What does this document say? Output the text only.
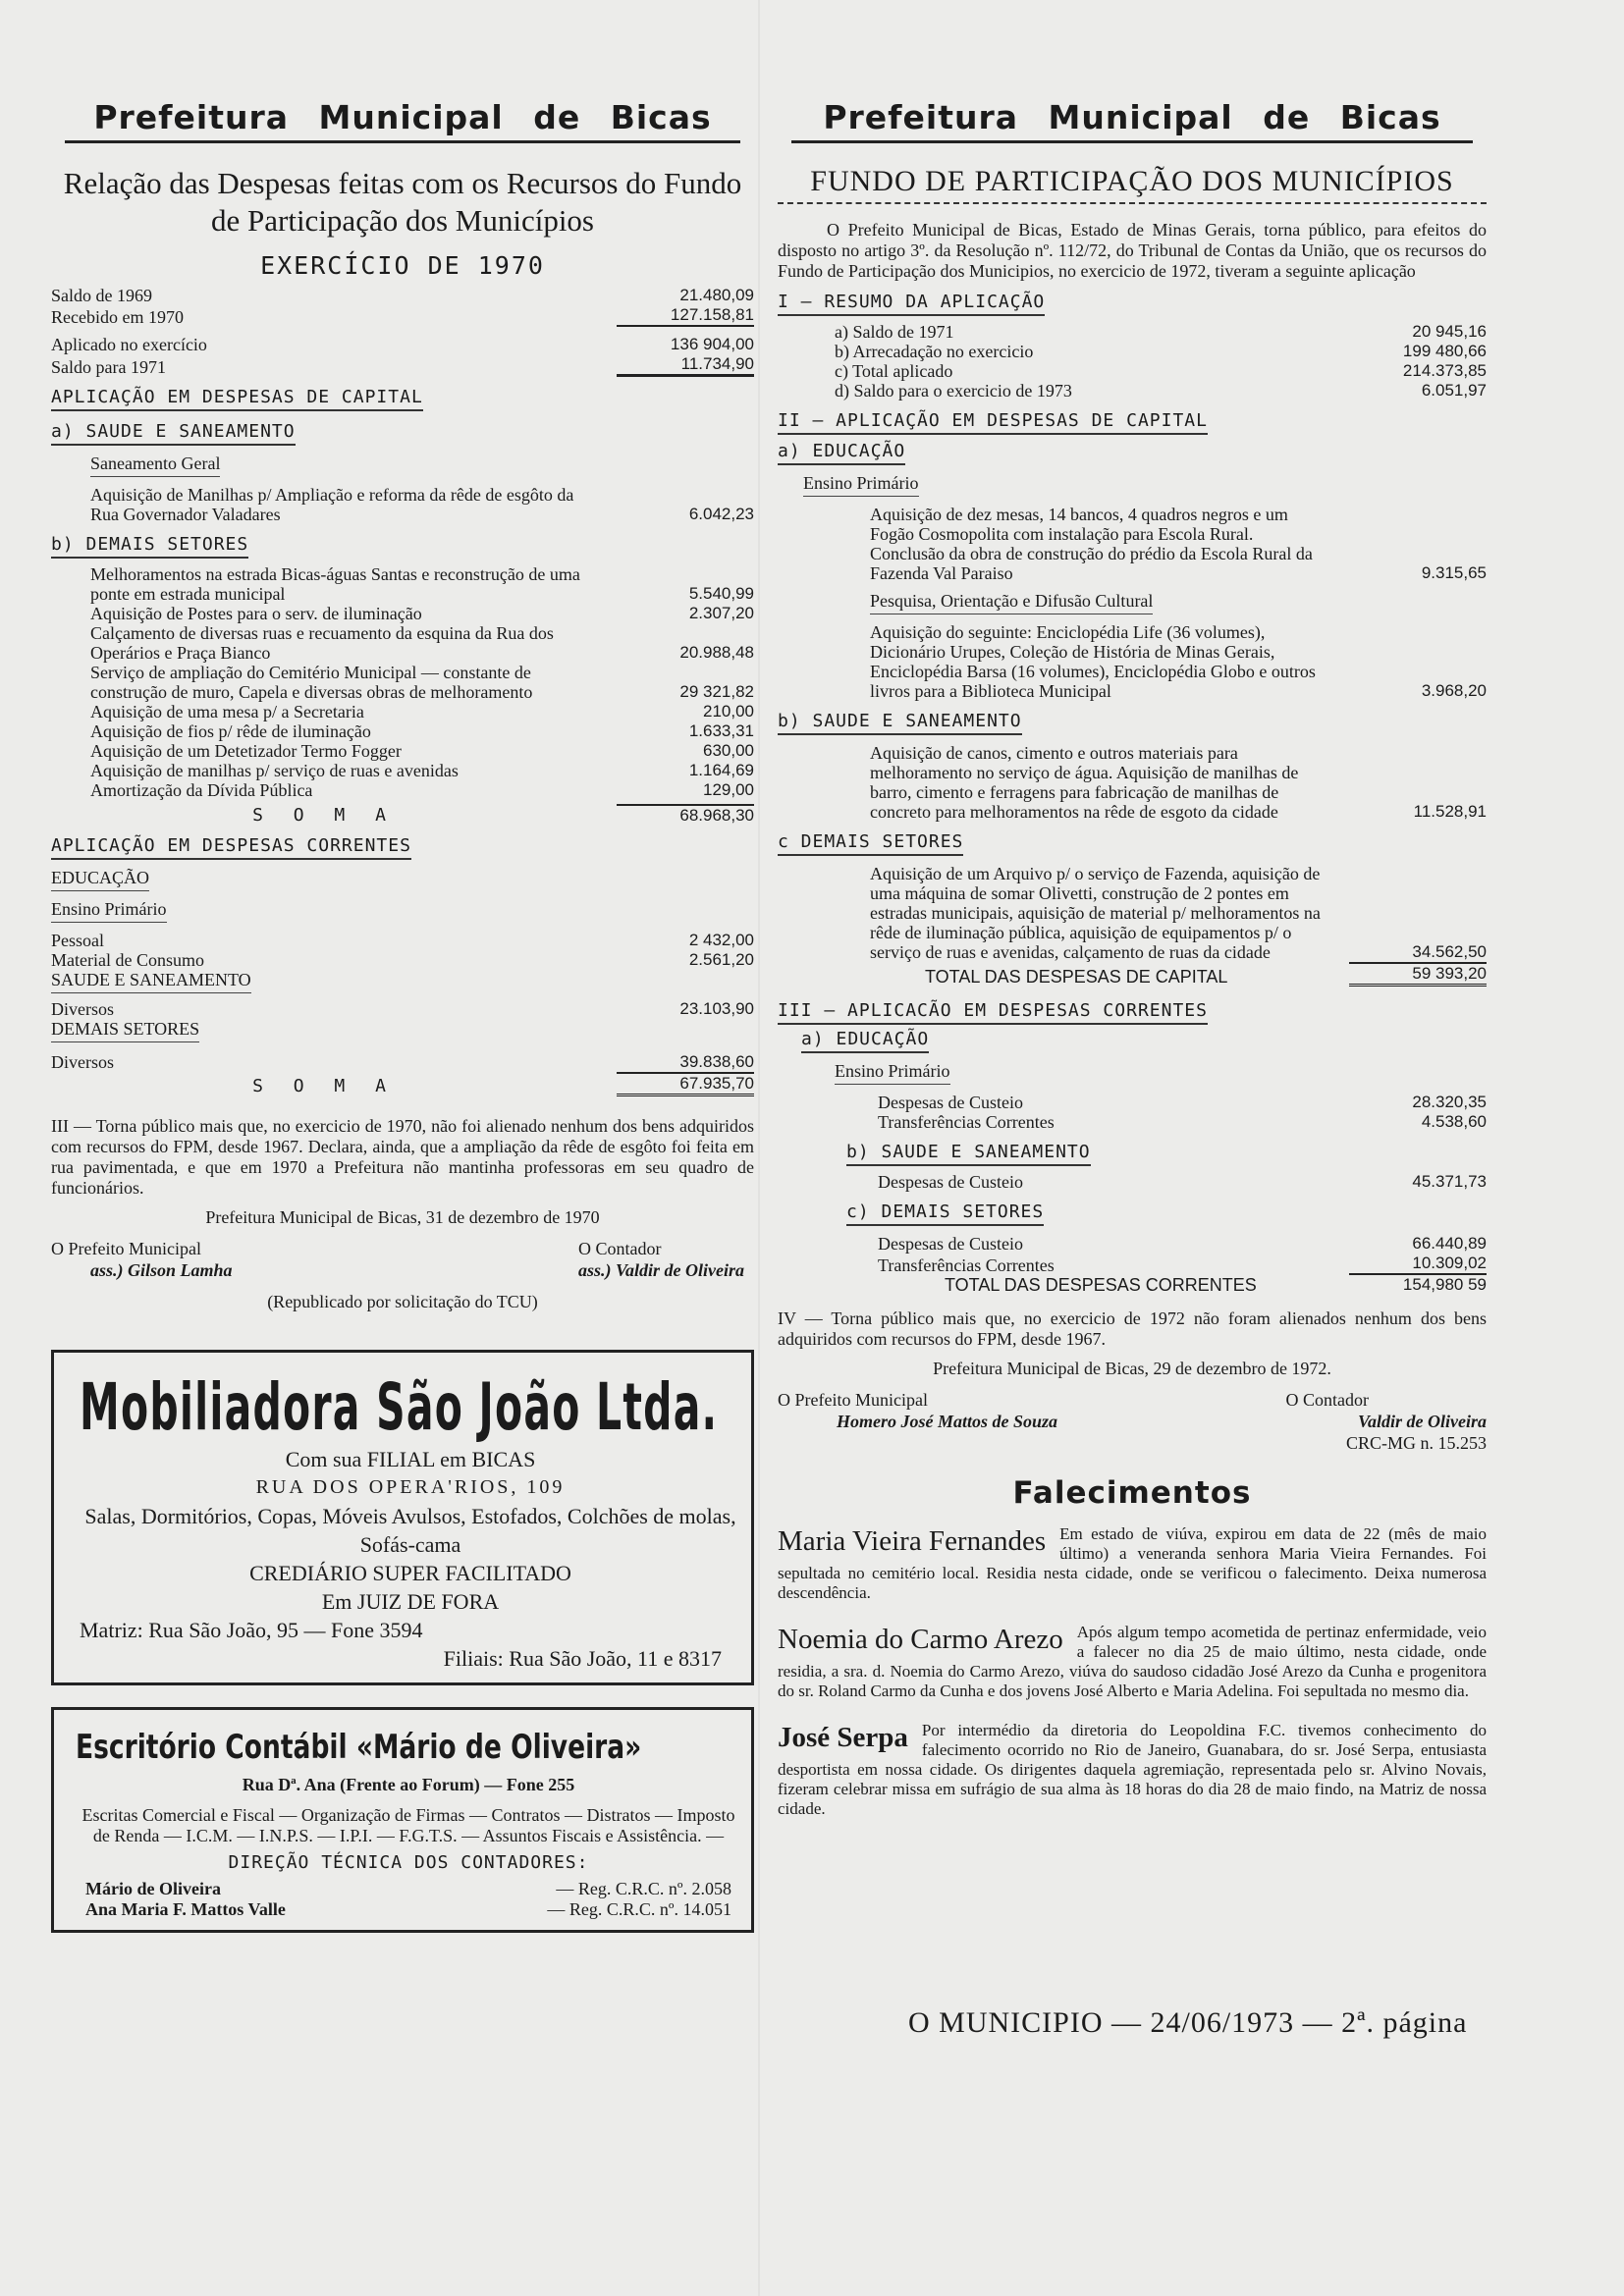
Prefeitura Municipal de Bicas
Relação das Despesas feitas com os Recursos do Fundo de Participação dos Municípios
EXERCÍCIO DE 1970
Saldo de 1969	21.480,09
Recebido em 1970	127.158,81
Aplicado no exercício	136 904,00
Saldo para 1971	11.734,90
APLICAÇÃO EM DESPESAS DE CAPITAL
a) SAUDE E SANEAMENTO
Saneamento Geral
Aquisição de Manilhas p/ Ampliação e reforma da rêde de esgôto da Rua Governador Valadares	6.042,23
b) DEMAIS SETORES
Melhoramentos na estrada Bicas-águas Santas e reconstrução de uma ponte em estrada municipal	5.540,99
Aquisição de Postes para o serv. de iluminação	2.307,20
Calçamento de diversas ruas e recuamento da esquina da Rua dos Operários e Praça Bianco	20.988,48
Serviço de ampliação do Cemitério Municipal — constante de construção de muro, Capela e diversas obras de melhoramento	29 321,82
Aquisição de uma mesa p/ a Secretaria	210,00
Aquisição de fios p/ rêde de iluminação	1.633,31
Aquisição de um Detetizador Termo Fogger	630,00
Aquisição de manilhas p/ serviço de ruas e avenidas	1.164,69
Amortização da Dívida Pública	129,00
S O M A	68.968,30
APLICAÇÃO EM DESPESAS CORRENTES
EDUCAÇÃO
Ensino Primário
Pessoal	2 432,00
Material de Consumo	2.561,20
SAUDE E SANEAMENTO
Diversos	23.103,90
DEMAIS SETORES
Diversos	39.838,60
S O M A	67.935,70
III — Torna público mais que, no exercicio de 1970, não foi alienado nenhum dos bens adquiridos com recursos do FPM, desde 1967. Declara, ainda, que a ampliação da rêde de esgôto foi feita em rua pavimentada, e que em 1970 a Prefeitura não mantinha professoras em seu quadro de funcionários.
Prefeitura Municipal de Bicas, 31 de dezembro de 1970
O Prefeito Municipal
ass.) Gilson Lamha
O Contador
ass.) Valdir de Oliveira
(Republicado por solicitação do TCU)
Mobiliadora São João Ltda.
Com sua FILIAL em BICAS
RUA DOS OPERA'RIOS, 109
Salas, Dormitórios, Copas, Móveis Avulsos, Estofados, Colchões de molas, Sofás-cama
CREDIÁRIO SUPER FACILITADO
Em JUIZ DE FORA
Matriz: Rua São João, 95 — Fone 3594
Filiais: Rua São João, 11 e 8317
Escritório Contábil «Mário de Oliveira»
Rua Dª. Ana (Frente ao Forum) — Fone 255
Escritas Comercial e Fiscal — Organização de Firmas — Contratos — Distratos — Imposto de Renda — I.C.M. — I.N.P.S. — I.P.I. — F.G.T.S. — Assuntos Fiscais e Assistência. —
DIREÇÃO TÉCNICA DOS CONTADORES:
Mário de Oliveira	— Reg. C.R.C. nº. 2.058
Ana Maria F. Mattos Valle	— Reg. C.R.C. nº. 14.051
Prefeitura Municipal de Bicas
FUNDO DE PARTICIPAÇÃO DOS MUNICÍPIOS
O Prefeito Municipal de Bicas, Estado de Minas Gerais, torna público, para efeitos do disposto no artigo 3º. da Resolução nº. 112/72, do Tribunal de Contas da União, que os recursos do Fundo de Participação dos Municipios, no exercicio de 1972, tiveram a seguinte aplicação
I — RESUMO DA APLICAÇÃO
a) Saldo de 1971	20 945,16
b) Arrecadação no exercicio	199 480,66
c) Total aplicado	214.373,85
d) Saldo para o exercicio de 1973	6.051,97
II — APLICAÇÃO EM DESPESAS DE CAPITAL
a) EDUCAÇÃO
Ensino Primário
Aquisição de dez mesas, 14 bancos, 4 quadros negros e um Fogão Cosmopolita com instalação para Escola Rural. Conclusão da obra de construção do prédio da Escola Rural da Fazenda Val Paraiso	9.315,65
Pesquisa, Orientação e Difusão Cultural
Aquisição do seguinte: Enciclopédia Life (36 volumes), Dicionário Urupes, Coleção de História de Minas Gerais, Enciclopédia Barsa (16 volumes), Enciclopédia Globo e outros livros para a Biblioteca Municipal	3.968,20
b) SAUDE E SANEAMENTO
Aquisição de canos, cimento e outros materiais para melhoramento no serviço de água. Aquisição de manilhas de barro, cimento e ferragens para fabricação de manilhas de concreto para melhoramentos na rêde de esgoto da cidade	11.528,91
c DEMAIS SETORES
Aquisição de um Arquivo p/ o serviço de Fazenda, aquisição de uma máquina de somar Olivetti, construção de 2 pontes em estradas municipais, aquisição de material p/ melhoramentos na rêde de iluminação pública, aquisição de equipamentos p/ o serviço de ruas e avenidas, calçamento de ruas da cidade	34.562,50
TOTAL DAS DESPESAS DE CAPITAL	59 393,20
III — APLICACÃO EM DESPESAS CORRENTES
a) EDUCAÇÃO
Ensino Primário
Despesas de Custeio	28.320,35
Transferências Correntes	4.538,60
b) SAUDE E SANEAMENTO
Despesas de Custeio	45.371,73
c) DEMAIS SETORES
Despesas de Custeio	66.440,89
Transferências Correntes	10.309,02
TOTAL DAS DESPESAS CORRENTES	154,980 59
IV — Torna público mais que, no exercicio de 1972 não foram alienados nenhum dos bens adquiridos com recursos do FPM, desde 1967.
Prefeitura Municipal de Bicas, 29 de dezembro de 1972.
O Prefeito Municipal
Homero José Mattos de Souza
O Contador
Valdir de Oliveira
CRC-MG n. 15.253
Falecimentos
Maria Vieira Fernandes Em estado de viúva, expirou em data de 22 (mês de maio último) a veneranda senhora Maria Vieira Fernandes. Foi sepultada no cemitério local. Residia nesta cidade, onde se verificou o falecimento. Deixa numerosa descendência.
Noemia do Carmo Arezo Após algum tempo acometida de pertinaz enfermidade, veio a falecer no dia 25 de maio último, nesta cidade, onde residia, a sra. d. Noemia do Carmo Arezo, viúva do saudoso cidadão José Arezo da Cunha e progenitora do sr. Roland Carmo da Cunha e dos jovens José Alberto e Maria Adelina. Foi sepultada no mesmo dia.
José Serpa Por intermédio da diretoria do Leopoldina F.C. tivemos conhecimento do falecimento ocorrido no Rio de Janeiro, Guanabara, do sr. José Serpa, entusiasta desportista em nossa cidade. Os dirigentes daquela agremiação, representada pelo sr. Alvino Novais, fizeram celebrar missa em sufrágio de sua alma às 18 horas do dia 28 de maio findo, na Matriz de nossa cidade.
O MUNICIPIO — 24/06/1973 — 2ª. página
